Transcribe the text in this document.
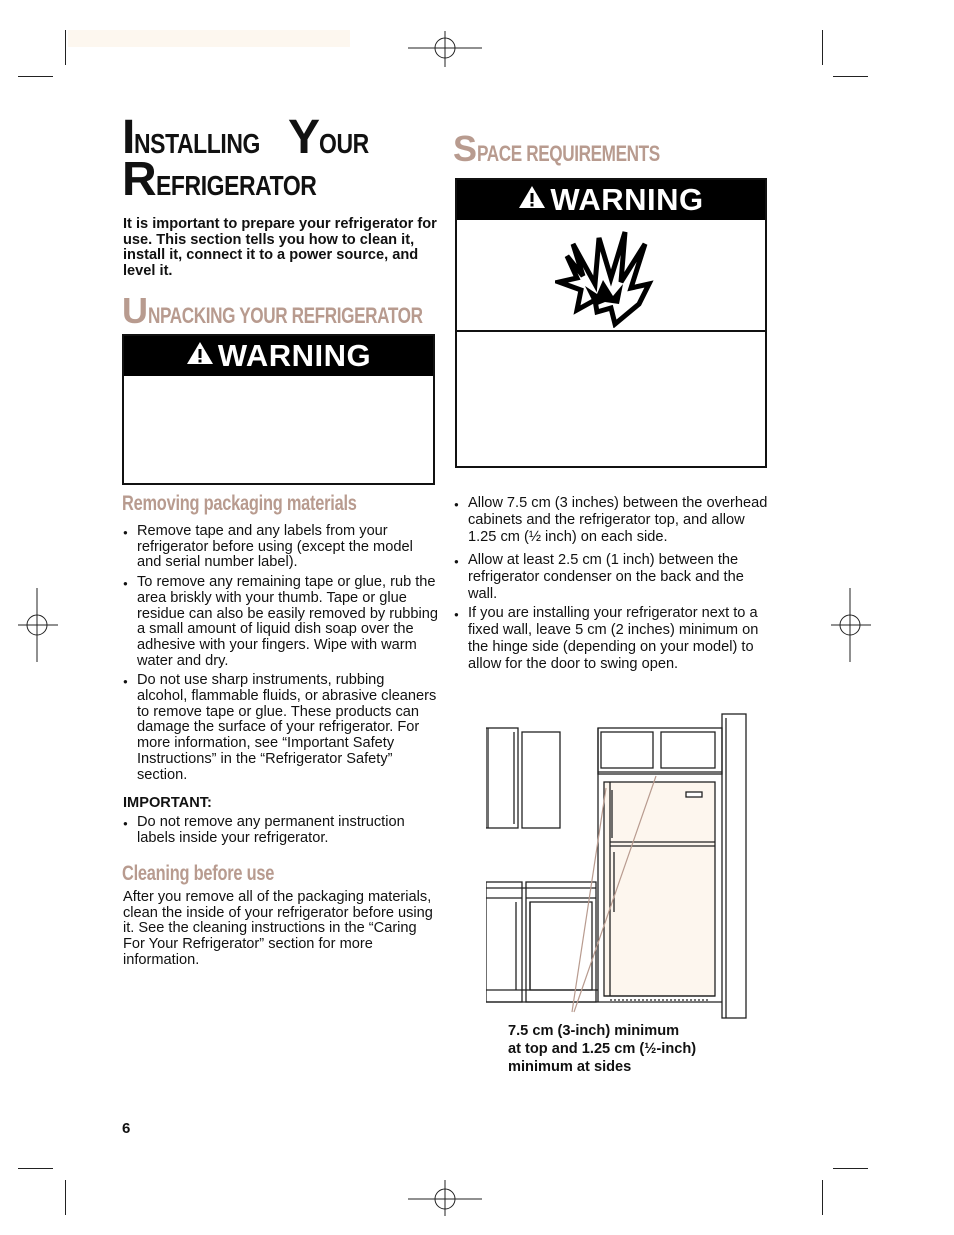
INSTALLINGYOUR
REFRIGERATOR

It is important to prepare your refrigerator for use. This section tells you how to clean it, install it, connect it to a power source, and level it.

UNPACKING YOUR REFRIGERATOR
WARNING
Removing packaging materials
● Remove tape and any labels from your refrigerator before using (except the model and serial number label).
● To remove any remaining tape or glue, rub the area briskly with your thumb. Tape or glue residue can also be easily removed by rubbing a small amount of liquid dish soap over the adhesive with your fingers. Wipe with warm water and dry.
● Do not use sharp instruments, rubbing alcohol, flammable fluids, or abrasive cleaners to remove tape or glue. These products can damage the surface of your refrigerator. For more information, see “Important Safety Instructions” in the “Refrigerator Safety” section.
IMPORTANT:
● Do not remove any permanent instruction labels inside your refrigerator.
Cleaning before use

After you remove all of the packaging materials, clean the inside of your refrigerator before using it. See the cleaning instructions in the “Caring For Your Refrigerator” section for more information.

SPACE REQUIREMENTS
WARNING
● Allow 7.5 cm (3 inches) between the overhead cabinets and the refrigerator top, and allow 1.25 cm (½ inch) on each side.
● Allow at least 2.5 cm (1 inch) between the refrigerator condenser on the back and the wall.
● If you are installing your refrigerator next to a fixed wall, leave 5 cm (2 inches) minimum on the hinge side (depending on your model) to allow for the door to swing open.
7.5 cm (3-inch) minimum
at top and 1.25 cm (½-inch)
minimum at sides
6
